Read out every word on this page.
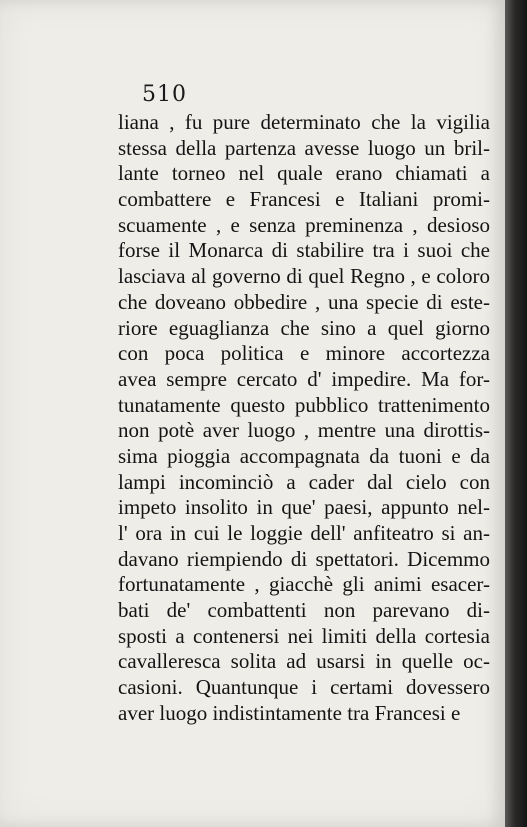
510
liana , fu pure determinato che la vigilia
stessa della partenza avesse luogo un bril-
lante torneo nel quale erano chiamati a
combattere e Francesi e Italiani promi-
scuamente , e senza preminenza , desioso
forse il Monarca di stabilire tra i suoi che
lasciava al governo di quel Regno , e coloro
che doveano obbedire , una specie di este-
riore eguaglianza che sino a quel giorno
con poca politica e minore accortezza
avea sempre cercato d' impedire. Ma for-
tunatamente questo pubblico trattenimento
non potè aver luogo , mentre una dirottis-
sima pioggia accompagnata da tuoni e da
lampi incominciò a cader dal cielo con
impeto insolito in que' paesi, appunto nel-
l' ora in cui le loggie dell' anfiteatro si an-
davano riempiendo di spettatori. Dicemmo
fortunatamente , giacchè gli animi esacer-
bati de' combattenti non parevano di-
sposti a contenersi nei limiti della cortesia
cavalleresca solita ad usarsi in quelle oc-
casioni. Quantunque i certami dovessero
aver luogo indistintamente tra Francesi e
